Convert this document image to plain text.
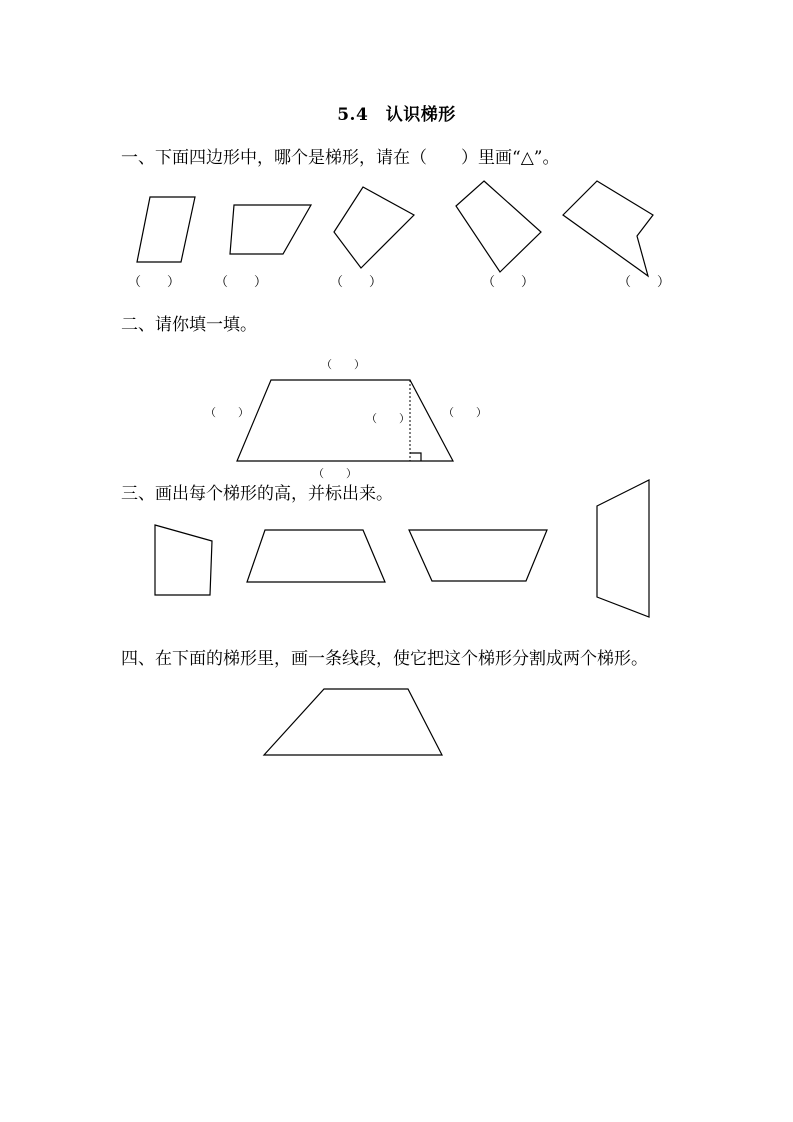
5.4　认识梯形
一、下面四边形中，哪个是梯形，请在（　　）里画“△”。
（　　）	（　　）	（　　）	（　　）	（　　）
二、请你填一填。
（　　）
（　　）	（　　）	（　　）
（　　）
三、画出每个梯形的高，并标出来。
四、在下面的梯形里，画一条线段，使它把这个梯形分割成两个梯形。
